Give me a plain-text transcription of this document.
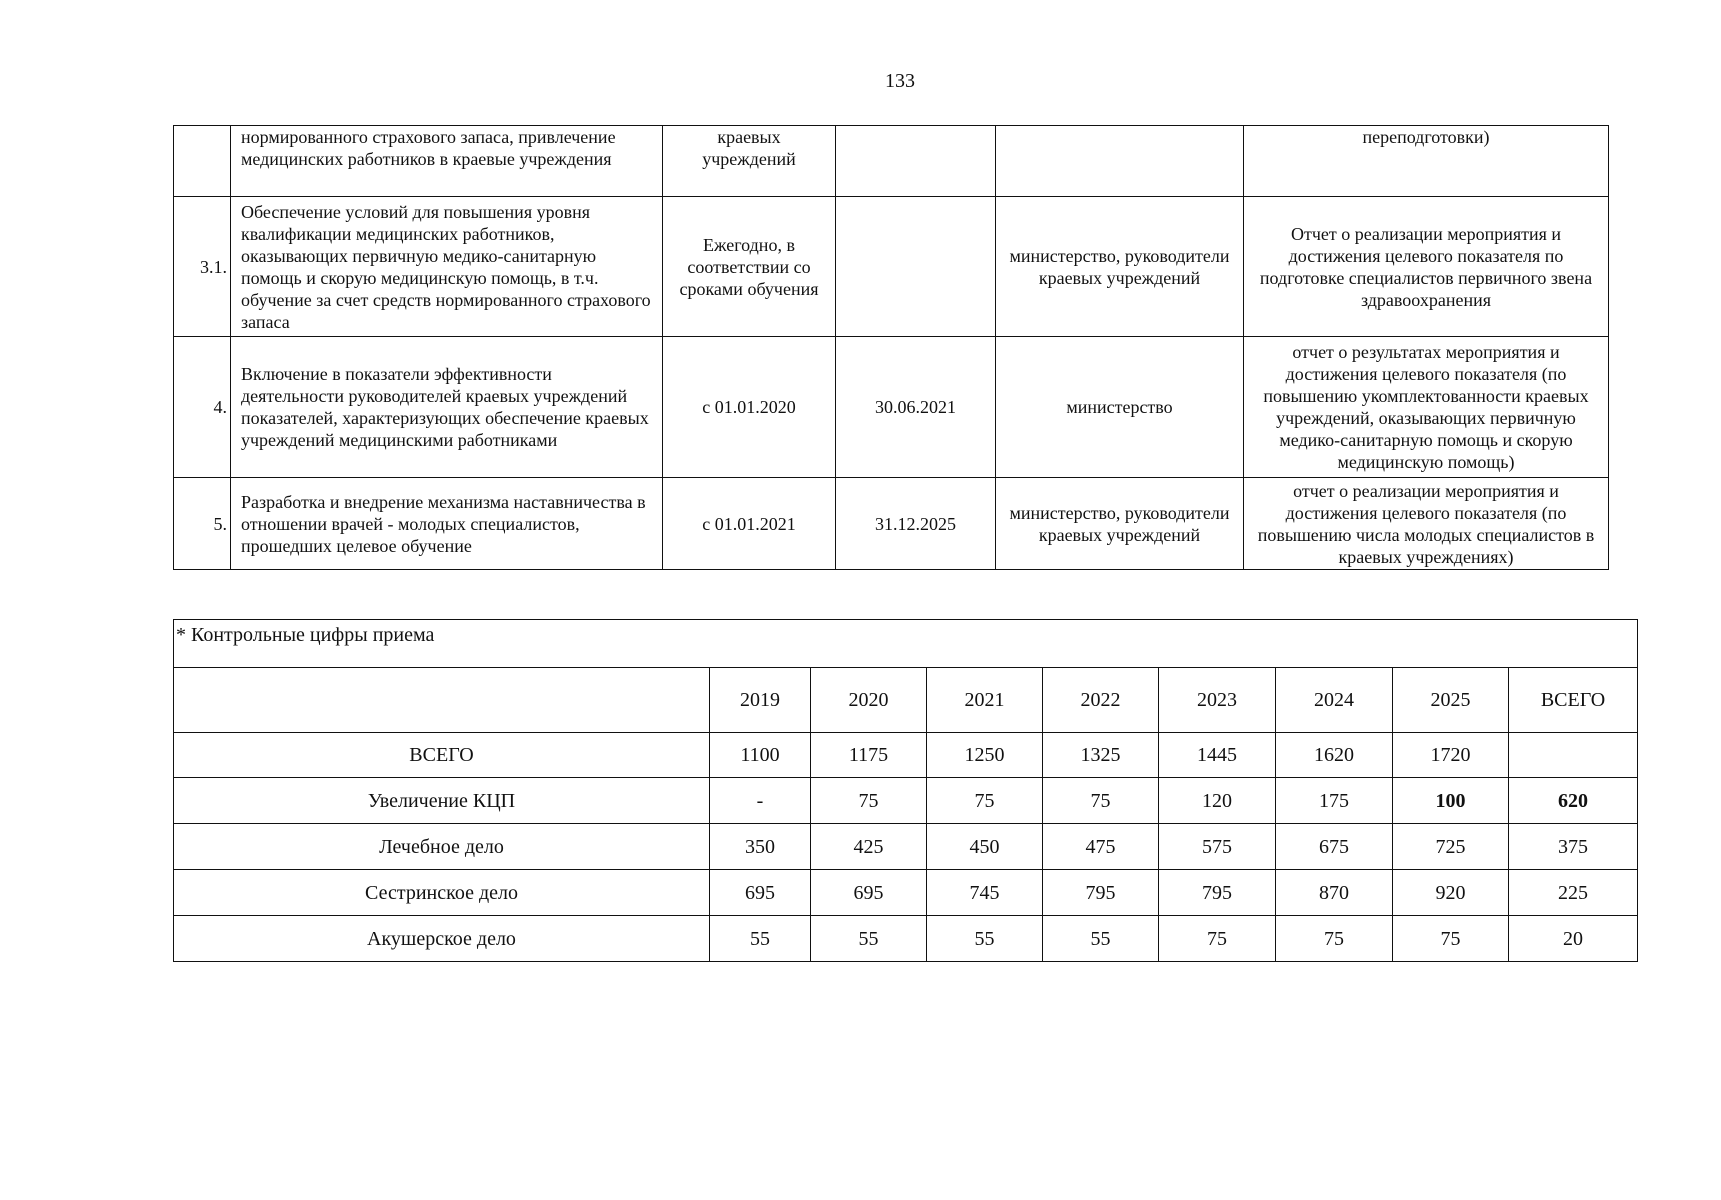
133
	нормированного страхового запаса, привлечение медицинских работников в краевые учреждения	краевых учреждений			переподготовки)
3.1.	Обеспечение условий для повышения уровня квалификации медицинских работников, оказывающих первичную медико-санитарную помощь и скорую медицинскую помощь, в т.ч. обучение за счет средств нормированного страхового запаса	Ежегодно, в соответствии со сроками обучения		министерство, руководители краевых учреждений	Отчет о реализации мероприятия и достижения целевого показателя по подготовке специалистов первичного звена здравоохранения
4.	Включение в показатели эффективности деятельности руководителей краевых учреждений показателей, характеризующих обеспечение краевых учреждений медицинскими работниками	с 01.01.2020	30.06.2021	министерство	отчет о результатах мероприятия и достижения целевого показателя (по повышению укомплектованности краевых учреждений, оказывающих первичную медико-санитарную помощь и скорую медицинскую помощь)
5.	Разработка и внедрение механизма наставничества в отношении врачей - молодых специалистов, прошедших целевое обучение	с 01.01.2021	31.12.2025	министерство, руководители краевых учреждений	отчет о реализации мероприятия и достижения целевого показателя (по повышению числа молодых специалистов в краевых учреждениях)
* Контрольные цифры приема								
	2019	2020	2021	2022	2023	2024	2025	ВСЕГО
ВСЕГО	1100	1175	1250	1325	1445	1620	1720	
Увеличение КЦП	-	75	75	75	120	175	100	620
Лечебное дело	350	425	450	475	575	675	725	375
Сестринское дело	695	695	745	795	795	870	920	225
Акушерское дело	55	55	55	55	75	75	75	20
